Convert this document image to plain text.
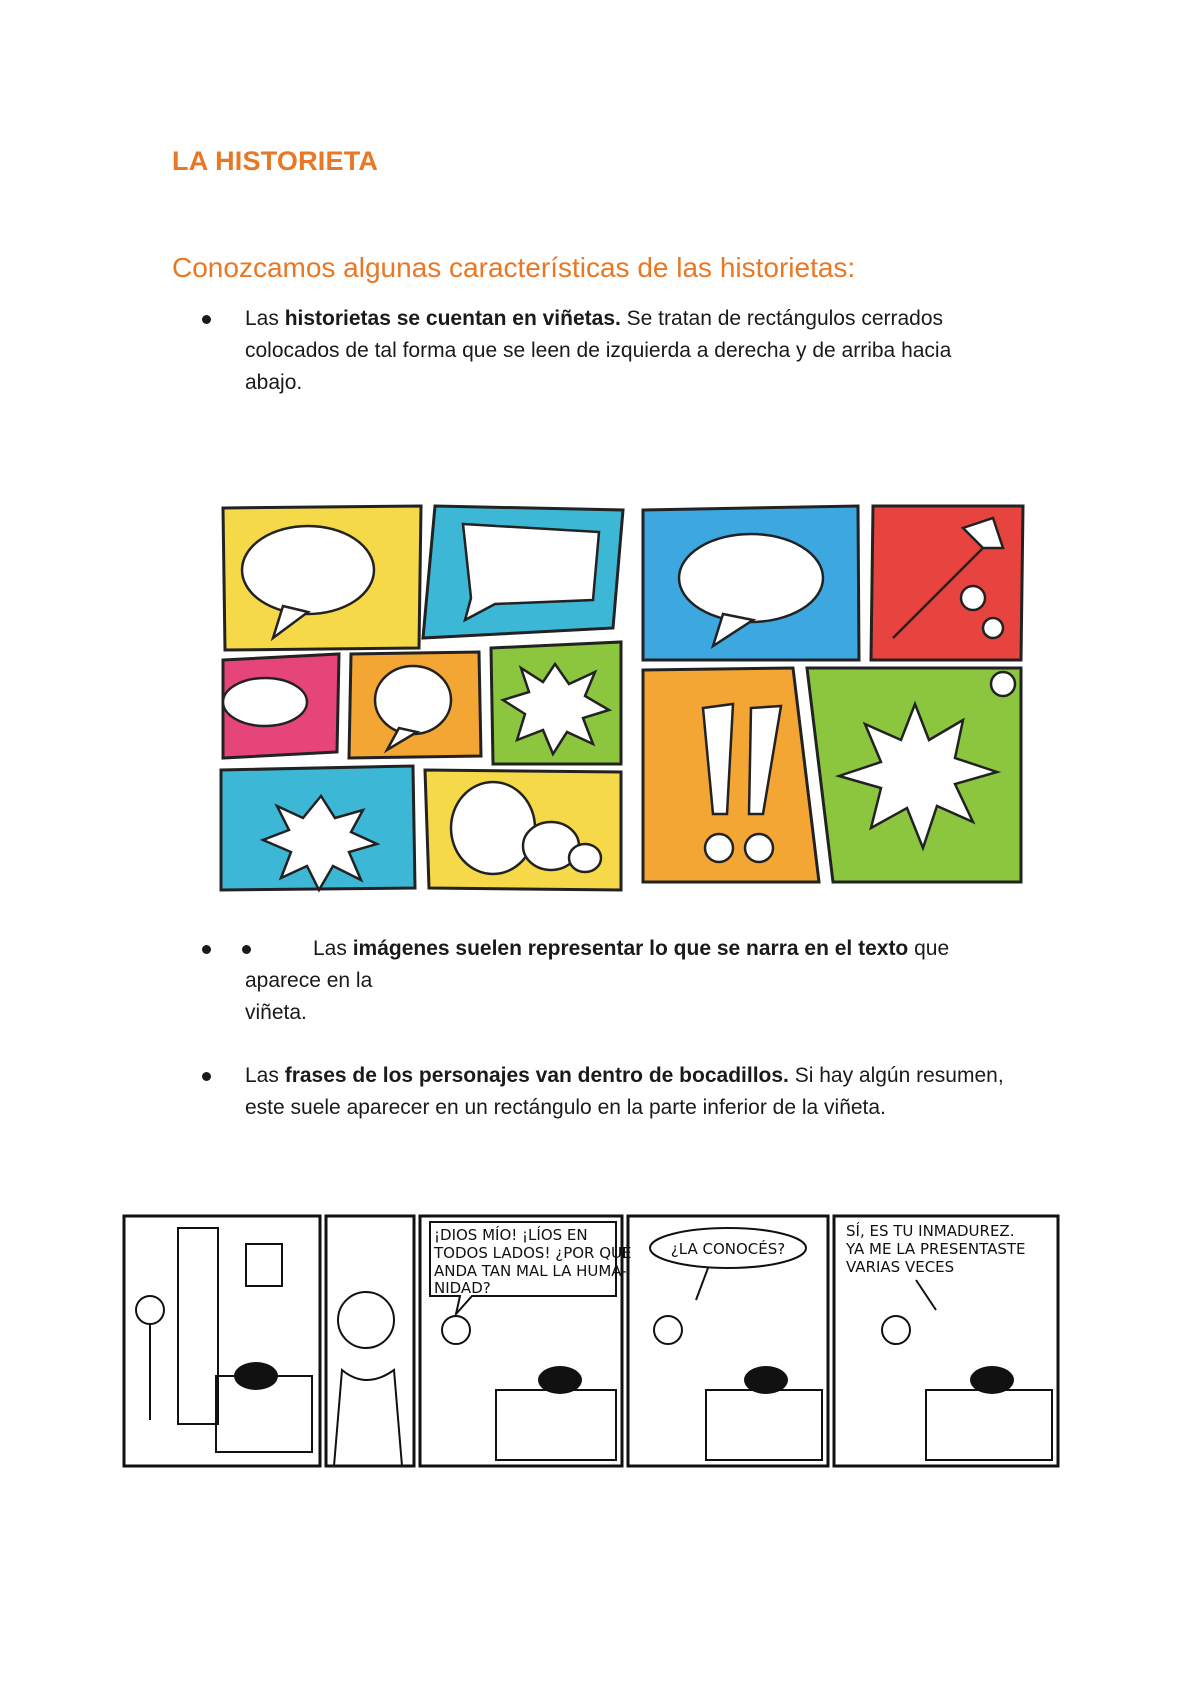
LA HISTORIETA
Conozcamos algunas características de las historietas:
Las historietas se cuentan en viñetas. Se tratan de rectángulos cerrados colocados de tal forma que se leen de izquierda a derecha y de arriba hacia abajo.
Las imágenes suelen representar lo que se narra en el texto que aparece en la
viñeta.
Las frases de los personajes van dentro de bocadillos. Si hay algún resumen, este suele aparecer en un rectángulo en la parte inferior de la viñeta.
¡DIOS MÍO! ¡LÍOS EN
TODOS LADOS! ¿POR QUÉ
ANDA TAN MAL LA HUMA-
NIDAD?
¿LA CONOCÉS?
SÍ, ES TU INMADUREZ.
YA ME LA PRESENTASTE
VARIAS VECES
